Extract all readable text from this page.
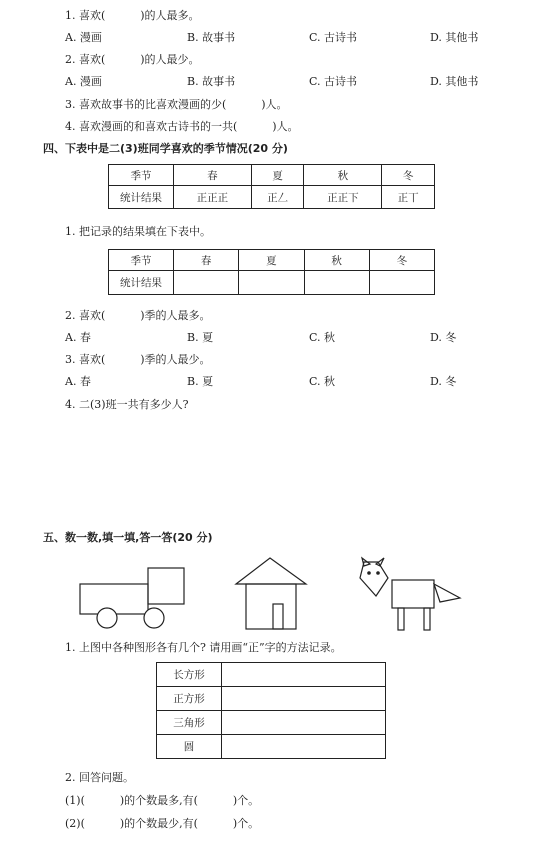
1. 喜欢(          )的人最多。
A. 漫画	B. 故事书	C. 古诗书	D. 其他书
2. 喜欢(          )的人最少。
A. 漫画	B. 故事书	C. 古诗书	D. 其他书
3. 喜欢故事书的比喜欢漫画的少(          )人。
4. 喜欢漫画的和喜欢古诗书的一共(          )人。
四、下表中是二(3)班同学喜欢的季节情况(20 分)
季节	春	夏	秋	冬
统计结果	正正正	正𠃋	正正下	正丅
1. 把记录的结果填在下表中。
季节	春	夏	秋	冬
统计结果				
2. 喜欢(          )季的人最多。
A. 春	B. 夏	C. 秋	D. 冬
3. 喜欢(          )季的人最少。
A. 春	B. 夏	C. 秋	D. 冬
4. 二(3)班一共有多少人?
五、数一数,填一填,答一答(20 分)
1. 上图中各种图形各有几个? 请用画“正”字的方法记录。
长方形	
正方形	
三角形	
圆	
2. 回答问题。
(1)(          )的个数最多,有(          )个。
(2)(          )的个数最少,有(          )个。
